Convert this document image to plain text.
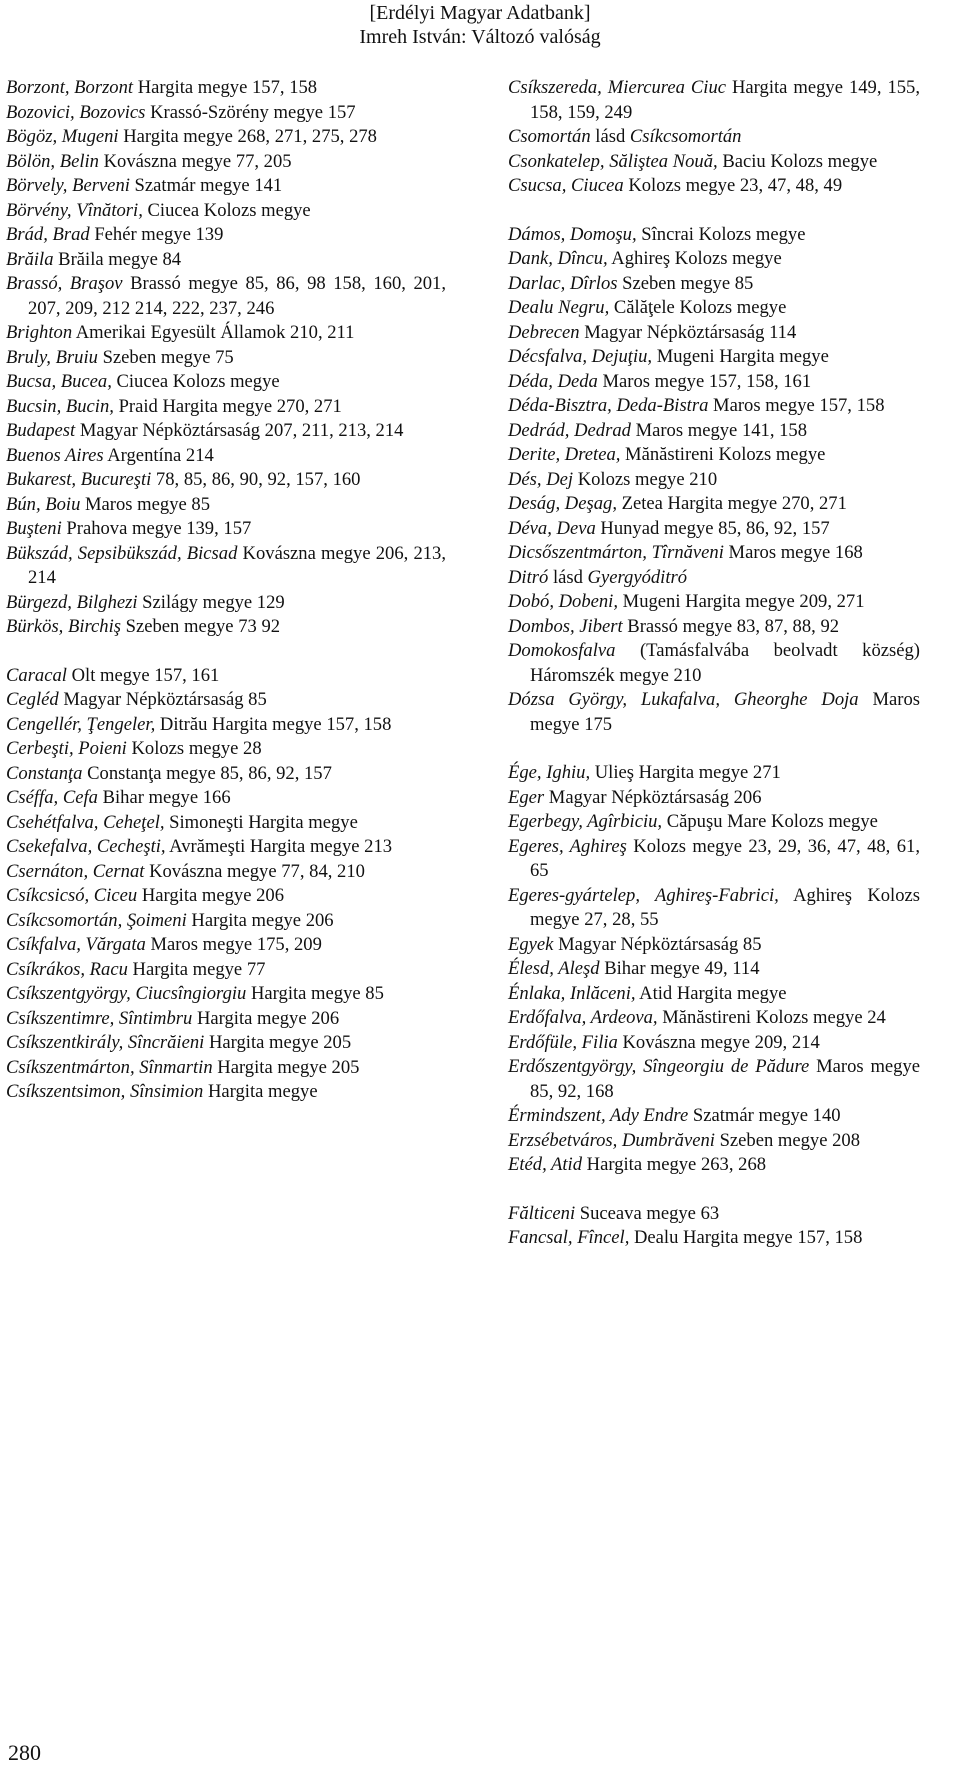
[Erdélyi Magyar Adatbank]
Imreh István: Változó valóság
Borzont, Borzont Hargita megye 157, 158
Bozovici, Bozovics Krassó-Szörény megye 157
Bögöz, Mugeni Hargita megye 268, 271, 275, 278
Bölön, Belin Kovászna megye 77, 205
Börvely, Berveni Szatmár megye 141
Börvény, Vînători, Ciucea Kolozs megye
Brád, Brad Fehér megye 139
Brăila Brăila megye 84
Brassó, Braşov Brassó megye 85, 86, 98 158, 160, 201, 207, 209, 212 214, 222, 237, 246
Brighton Amerikai Egyesült Államok 210, 211
Bruly, Bruiu Szeben megye 75
Bucsa, Bucea, Ciucea Kolozs megye
Bucsin, Bucin, Praid Hargita megye 270, 271
Budapest Magyar Népköztársaság 207, 211, 213, 214
Buenos Aires Argentína 214
Bukarest, Bucureşti 78, 85, 86, 90, 92, 157, 160
Bún, Boiu Maros megye 85
Buşteni Prahova megye 139, 157
Bükszád, Sepsibükszád, Bicsad Kovászna megye 206, 213, 214
Bürgezd, Bilghezi Szilágy megye 129
Bürkös, Birchiş Szeben megye 73 92
Caracal Olt megye 157, 161
Cegléd Magyar Népköztársaság 85
Cengellér, Ţengeler, Ditrău Hargita megye 157, 158
Cerbeşti, Poieni Kolozs megye 28
Constanţa Constanţa megye 85, 86, 92, 157
Cséffa, Cefa Bihar megye 166
Csehétfalva, Ceheţel, Simoneşti Hargita megye
Csekefalva, Cecheşti, Avrămeşti Hargita megye 213
Csernáton, Cernat Kovászna megye 77, 84, 210
Csíkcsicsó, Ciceu Hargita megye 206
Csíkcsomortán, Şoimeni Hargita megye 206
Csíkfalva, Vărgata Maros megye 175, 209
Csíkrákos, Racu Hargita megye 77
Csíkszentgyörgy, Ciucsîngiorgiu Hargita megye 85
Csíkszentimre, Sîntimbru Hargita megye 206
Csíkszentkirály, Sîncrăieni Hargita megye 205
Csíkszentmárton, Sînmartin Hargita megye 205
Csíkszentsimon, Sînsimion Hargita megye
Csíkszereda, Miercurea Ciuc Hargita megye 149, 155, 158, 159, 249
Csomortán lásd Csíkcsomortán
Csonkatelep, Săliştea Nouă, Baciu Kolozs megye
Csucsa, Ciucea Kolozs megye 23, 47, 48, 49
Dámos, Domoşu, Sîncrai Kolozs megye
Dank, Dîncu, Aghireş Kolozs megye
Darlac, Dîrlos Szeben megye 85
Dealu Negru, Călăţele Kolozs megye
Debrecen Magyar Népköztársaság 114
Décsfalva, Dejuţiu, Mugeni Hargita megye
Déda, Deda Maros megye 157, 158, 161
Déda-Bisztra, Deda-Bistra Maros megye 157, 158
Dedrád, Dedrad Maros megye 141, 158
Derite, Dretea, Mănăstireni Kolozs megye
Dés, Dej Kolozs megye 210
Deság, Deşag, Zetea Hargita megye 270, 271
Déva, Deva Hunyad megye 85, 86, 92, 157
Dicsőszentmárton, Tîrnăveni Maros megye 168
Ditró lásd Gyergyóditró
Dobó, Dobeni, Mugeni Hargita megye 209, 271
Dombos, Jibert Brassó megye 83, 87, 88, 92
Domokosfalva (Tamásfalvába beolvadt község) Háromszék megye 210
Dózsa György, Lukafalva, Gheorghe Doja Maros megye 175
Ége, Ighiu, Ulieş Hargita megye 271
Eger Magyar Népköztársaság 206
Egerbegy, Agîrbiciu, Căpuşu Mare Kolozs megye
Egeres, Aghireş Kolozs megye 23, 29, 36, 47, 48, 61, 65
Egeres-gyártelep, Aghireş-Fabrici, Aghireş Kolozs megye 27, 28, 55
Egyek Magyar Népköztársaság 85
Élesd, Aleşd Bihar megye 49, 114
Énlaka, Inlăceni, Atid Hargita megye
Erdőfalva, Ardeova, Mănăstireni Kolozs megye 24
Erdőfüle, Filia Kovászna megye 209, 214
Erdőszentgyörgy, Sîngeorgiu de Pădure Maros megye 85, 92, 168
Érmindszent, Ady Endre Szatmár megye 140
Erzsébetváros, Dumbrăveni Szeben megye 208
Etéd, Atid Hargita megye 263, 268
Fălticeni Suceava megye 63
Fancsal, Fîncel, Dealu Hargita megye 157, 158
280
